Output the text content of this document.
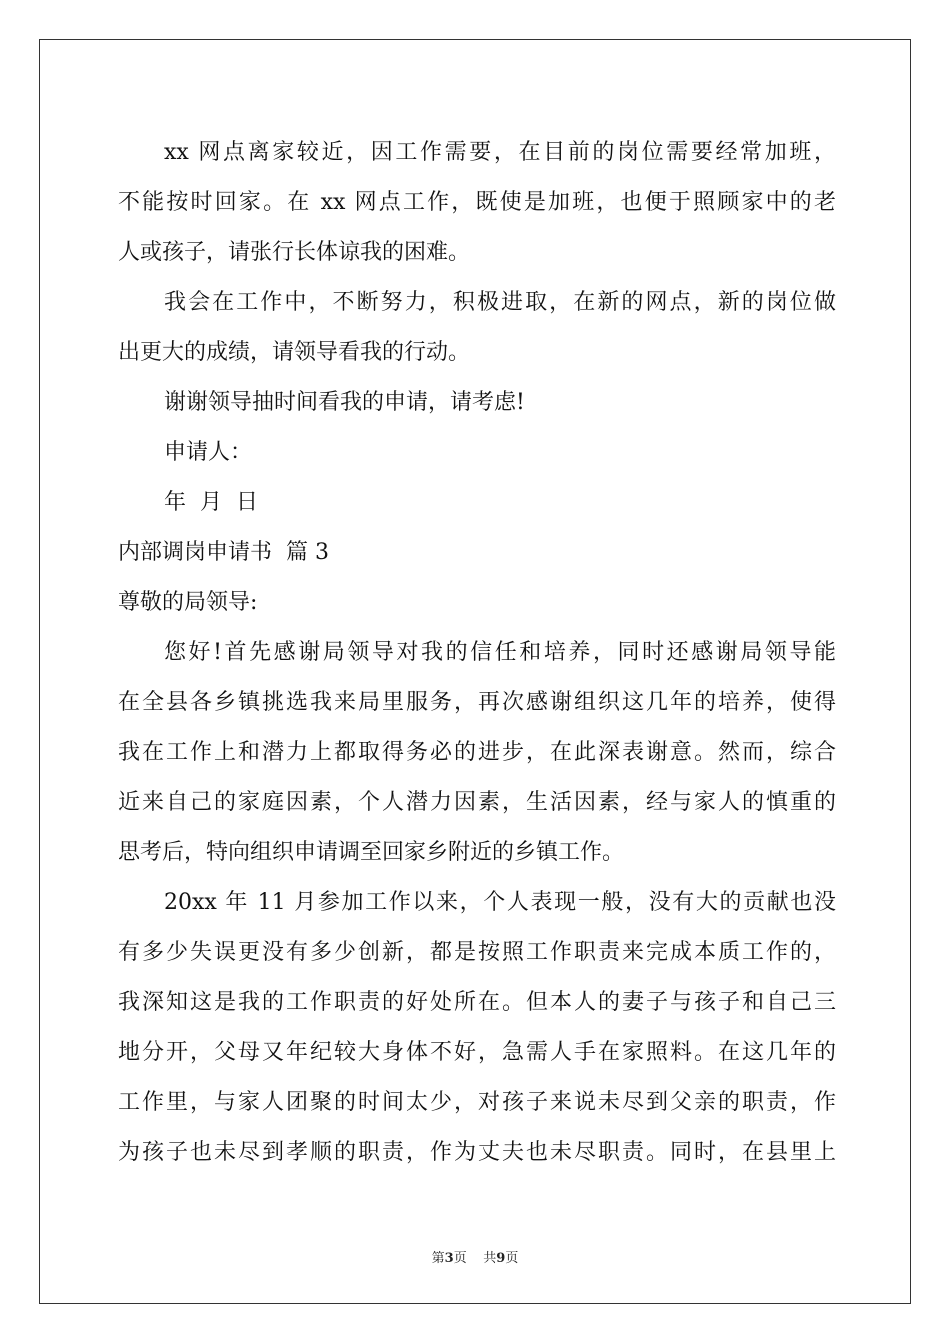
xx 网点离家较近，因工作需要，在目前的岗位需要经常加班，
不能按时回家。在 xx 网点工作，既使是加班，也便于照顾家中的老
人或孩子，请张行长体谅我的困难。
我会在工作中，不断努力，积极进取，在新的网点，新的岗位做
出更大的成绩，请领导看我的行动。
谢谢领导抽时间看我的申请，请考虑!
申请人：
年  月  日
内部调岗申请书  篇 3
尊敬的局领导:
您好!首先感谢局领导对我的信任和培养，同时还感谢局领导能
在全县各乡镇挑选我来局里服务，再次感谢组织这几年的培养，使得
我在工作上和潜力上都取得务必的进步，在此深表谢意。然而，综合
近来自己的家庭因素，个人潜力因素，生活因素，经与家人的慎重的
思考后，特向组织申请调至回家乡附近的乡镇工作。
20xx 年 11 月参加工作以来，个人表现一般，没有大的贡献也没
有多少失误更没有多少创新，都是按照工作职责来完成本质工作的，
我深知这是我的工作职责的好处所在。但本人的妻子与孩子和自己三
地分开，父母又年纪较大身体不好，急需人手在家照料。在这几年的
工作里，与家人团聚的时间太少，对孩子来说未尽到父亲的职责，作
为孩子也未尽到孝顺的职责，作为丈夫也未尽职责。同时，在县里上
第3页 共9页
